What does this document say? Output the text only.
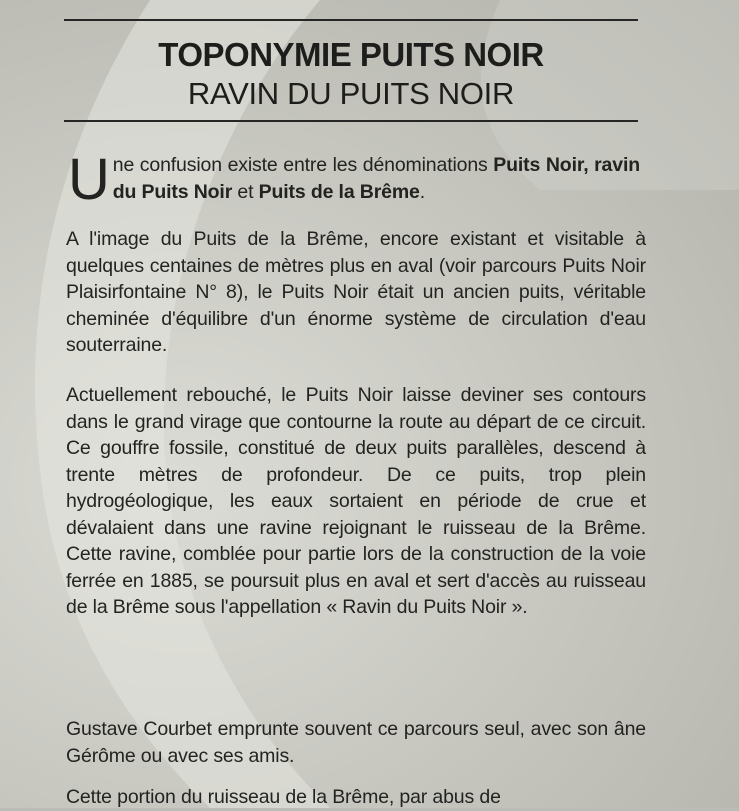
TOPONYMIE PUITS NOIR
RAVIN DU PUITS NOIR
Une confusion existe entre les dénominations Puits Noir, ravin du Puits Noir et Puits de la Brême.

A l'image du Puits de la Brême, encore existant et visitable à quelques centaines de mètres plus en aval (voir parcours Puits Noir Plaisirfontaine N° 8), le Puits Noir était un ancien puits, véritable cheminée d'équilibre d'un énorme système de circulation d'eau souterraine.

Actuellement rebouché, le Puits Noir laisse deviner ses contours dans le grand virage que contourne la route au départ de ce circuit. Ce gouffre fossile, constitué de deux puits parallèles, descend à trente mètres de profondeur. De ce puits, trop plein hydrogéologique, les eaux sortaient en période de crue et dévalaient dans une ravine rejoignant le ruisseau de la Brême. Cette ravine, comblée pour partie lors de la construction de la voie ferrée en 1885, se poursuit plus en aval et sert d'accès au ruisseau de la Brême sous l'appellation « Ravin du Puits Noir ».

Gustave Courbet emprunte souvent ce parcours seul, avec son âne Gérôme ou avec ses amis.

Cette portion du ruisseau de la Brême, par abus de
